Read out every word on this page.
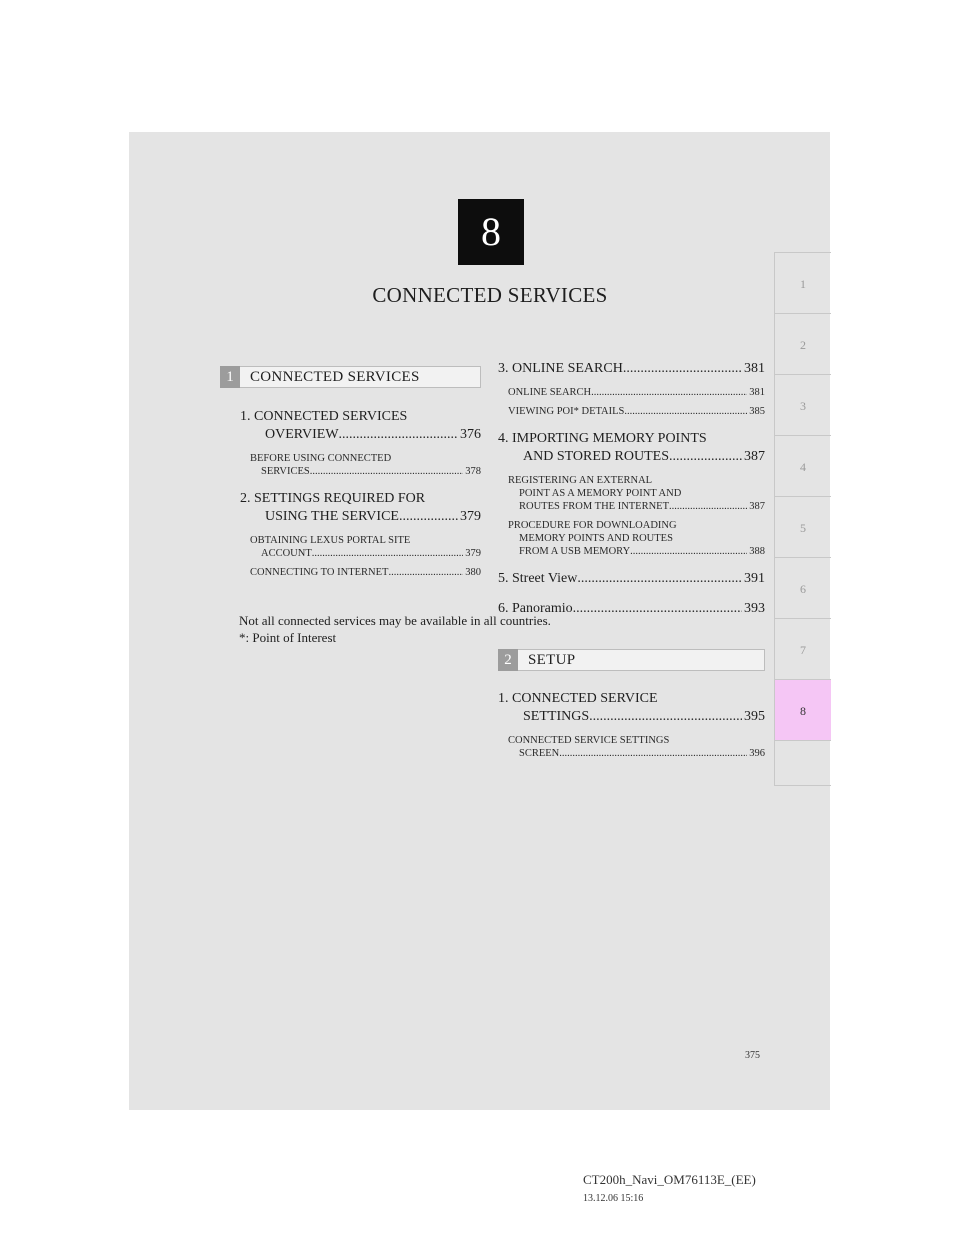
8
CONNECTED SERVICES	1
2
3
4
5
6
7
8
1	CONNECTED SERVICES
1. CONNECTED SERVICES
OVERVIEW .....	376
BEFORE USING CONNECTED
SERVICES .....	378
2. SETTINGS REQUIRED FOR
USING THE SERVICE .....	379
OBTAINING LEXUS PORTAL SITE
ACCOUNT .....	379
CONNECTING TO INTERNET .....	380
3. ONLINE SEARCH .....	381
ONLINE SEARCH .....	381
VIEWING POI* DETAILS .....	385
4. IMPORTING MEMORY POINTS
AND STORED ROUTES .....	387
REGISTERING AN EXTERNAL
POINT AS A MEMORY POINT AND
ROUTES FROM THE INTERNET .....	387
PROCEDURE FOR DOWNLOADING
MEMORY POINTS AND ROUTES
FROM A USB MEMORY .....	388
5. Street View .....	391
6. Panoramio .....	393
2	SETUP
1. CONNECTED SERVICE
SETTINGS .....	395
CONNECTED SERVICE SETTINGS
SCREEN .....	396
Not all connected services may be available in all countries.
*: Point of Interest
375
CT200h_Navi_OM76113E_(EE)
13.12.06 15:16
